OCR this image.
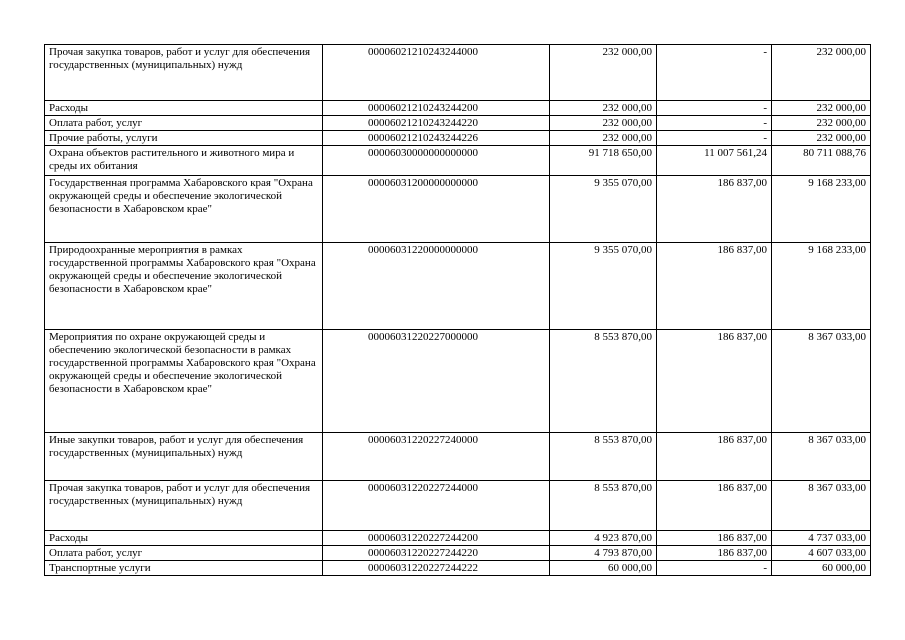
Прочая закупка товаров, работ и услуг для обеспечения государственных (муниципальных) нужд	00006021210243244000	232 000,00	-	232 000,00
Расходы	00006021210243244200	232 000,00	-	232 000,00
Оплата работ, услуг	00006021210243244220	232 000,00	-	232 000,00
Прочие работы, услуги	00006021210243244226	232 000,00	-	232 000,00
Охрана объектов растительного и животного мира и среды их обитания	00006030000000000000	91 718 650,00	11 007 561,24	80 711 088,76
Государственная программа Хабаровского края "Охрана окружающей среды и обеспечение экологической безопасности в Хабаровском крае"	00006031200000000000	9 355 070,00	186 837,00	9 168 233,00
Природоохранные мероприятия в рамках государственной программы Хабаровского края "Охрана окружающей среды и обеспечение экологической безопасности в Хабаровском крае"	00006031220000000000	9 355 070,00	186 837,00	9 168 233,00
Мероприятия по охране окружающей среды и обеспечению экологической безопасности в рамках государственной программы Хабаровского края "Охрана окружающей среды и обеспечение экологической безопасности в Хабаровском крае"	00006031220227000000	8 553 870,00	186 837,00	8 367 033,00
Иные закупки товаров, работ и услуг для обеспечения государственных (муниципальных) нужд	00006031220227240000	8 553 870,00	186 837,00	8 367 033,00
Прочая закупка товаров, работ и услуг для обеспечения государственных (муниципальных) нужд	00006031220227244000	8 553 870,00	186 837,00	8 367 033,00
Расходы	00006031220227244200	4 923 870,00	186 837,00	4 737 033,00
Оплата работ, услуг	00006031220227244220	4 793 870,00	186 837,00	4 607 033,00
Транспортные услуги	00006031220227244222	60 000,00	-	60 000,00
